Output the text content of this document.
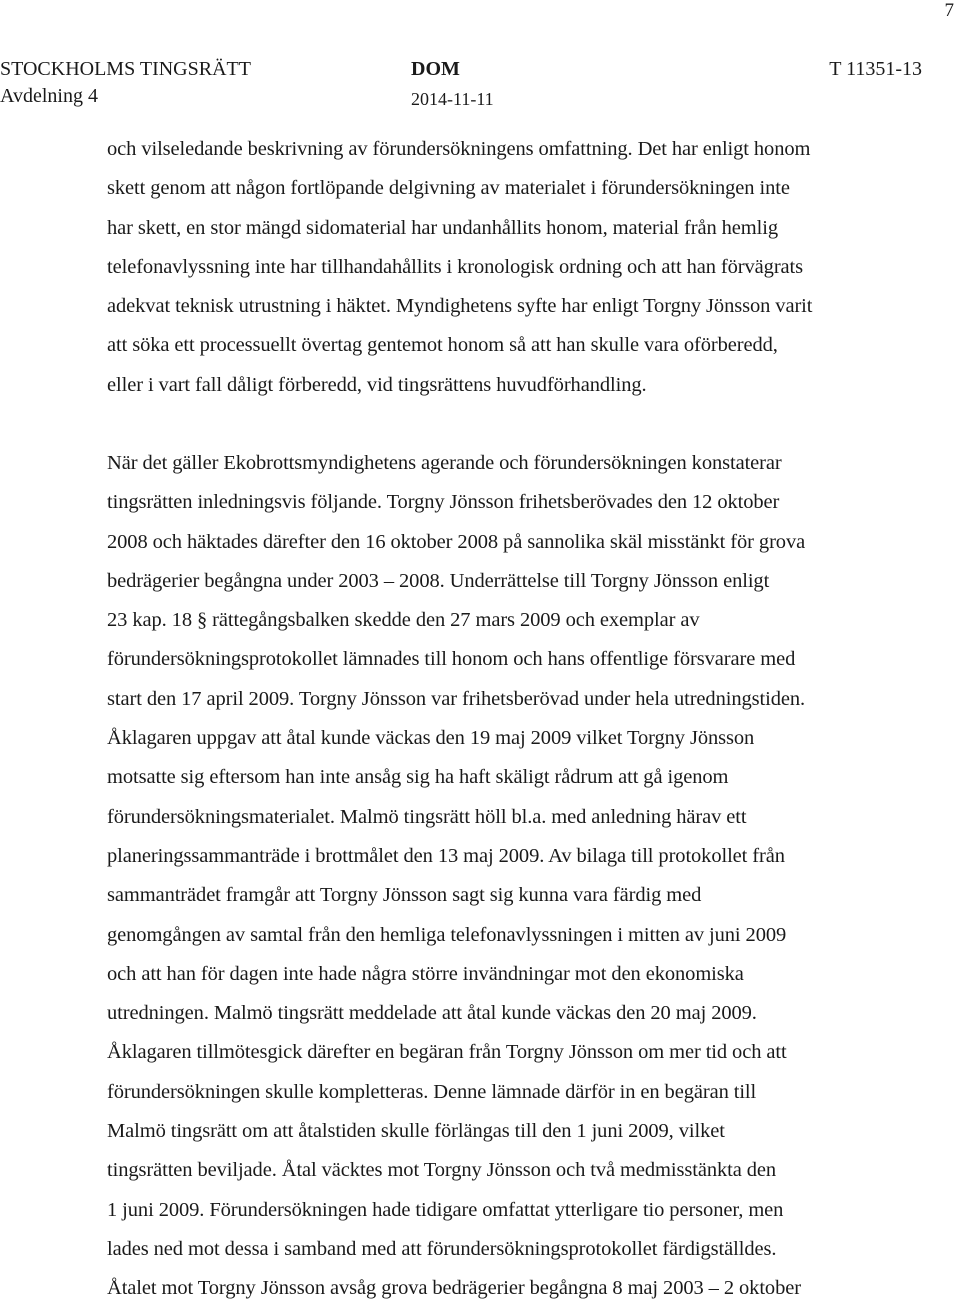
7
STOCKHOLMS TINGSRÄTT
Avdelning 4
DOM
2014-11-11
T 11351-13
och vilseledande beskrivning av förundersökningens omfattning. Det har enligt honom
skett genom att någon fortlöpande delgivning av materialet i förundersökningen inte
har skett, en stor mängd sidomaterial har undanhållits honom, material från hemlig
telefonavlyssning inte har tillhandahållits i kronologisk ordning och att han förvägrats
adekvat teknisk utrustning i häktet. Myndighetens syfte har enligt Torgny Jönsson varit
att söka ett processuellt övertag gentemot honom så att han skulle vara oförberedd,
eller i vart fall dåligt förberedd, vid tingsrättens huvudförhandling.
När det gäller Ekobrottsmyndighetens agerande och förundersökningen konstaterar
tingsrätten inledningsvis följande. Torgny Jönsson frihetsberövades den 12 oktober
2008 och häktades därefter den 16 oktober 2008 på sannolika skäl misstänkt för grova
bedrägerier begångna under 2003 – 2008. Underrättelse till Torgny Jönsson enligt
23 kap. 18 § rättegångsbalken skedde den 27 mars 2009 och exemplar av
förundersökningsprotokollet lämnades till honom och hans offentlige försvarare med
start den 17 april 2009. Torgny Jönsson var frihetsberövad under hela utredningstiden.
Åklagaren uppgav att åtal kunde väckas den 19 maj 2009 vilket Torgny Jönsson
motsatte sig eftersom han inte ansåg sig ha haft skäligt rådrum att gå igenom
förundersökningsmaterialet. Malmö tingsrätt höll bl.a. med anledning härav ett
planeringssammanträde i brottmålet den 13 maj 2009. Av bilaga till protokollet från
sammanträdet framgår att Torgny Jönsson sagt sig kunna vara färdig med
genomgången av samtal från den hemliga telefonavlyssningen i mitten av juni 2009
och att han för dagen inte hade några större invändningar mot den ekonomiska
utredningen. Malmö tingsrätt meddelade att åtal kunde väckas den 20 maj 2009.
Åklagaren tillmötesgick därefter en begäran från Torgny Jönsson om mer tid och att
förundersökningen skulle kompletteras. Denne lämnade därför in en begäran till
Malmö tingsrätt om att åtalstiden skulle förlängas till den 1 juni 2009, vilket
tingsrätten beviljade. Åtal väcktes mot Torgny Jönsson och två medmisstänkta den
1 juni 2009. Förundersökningen hade tidigare omfattat ytterligare tio personer, men
lades ned mot dessa i samband med att förundersökningsprotokollet färdigställdes.
Åtalet mot Torgny Jönsson avsåg grova bedrägerier begångna 8 maj 2003 – 2 oktober
